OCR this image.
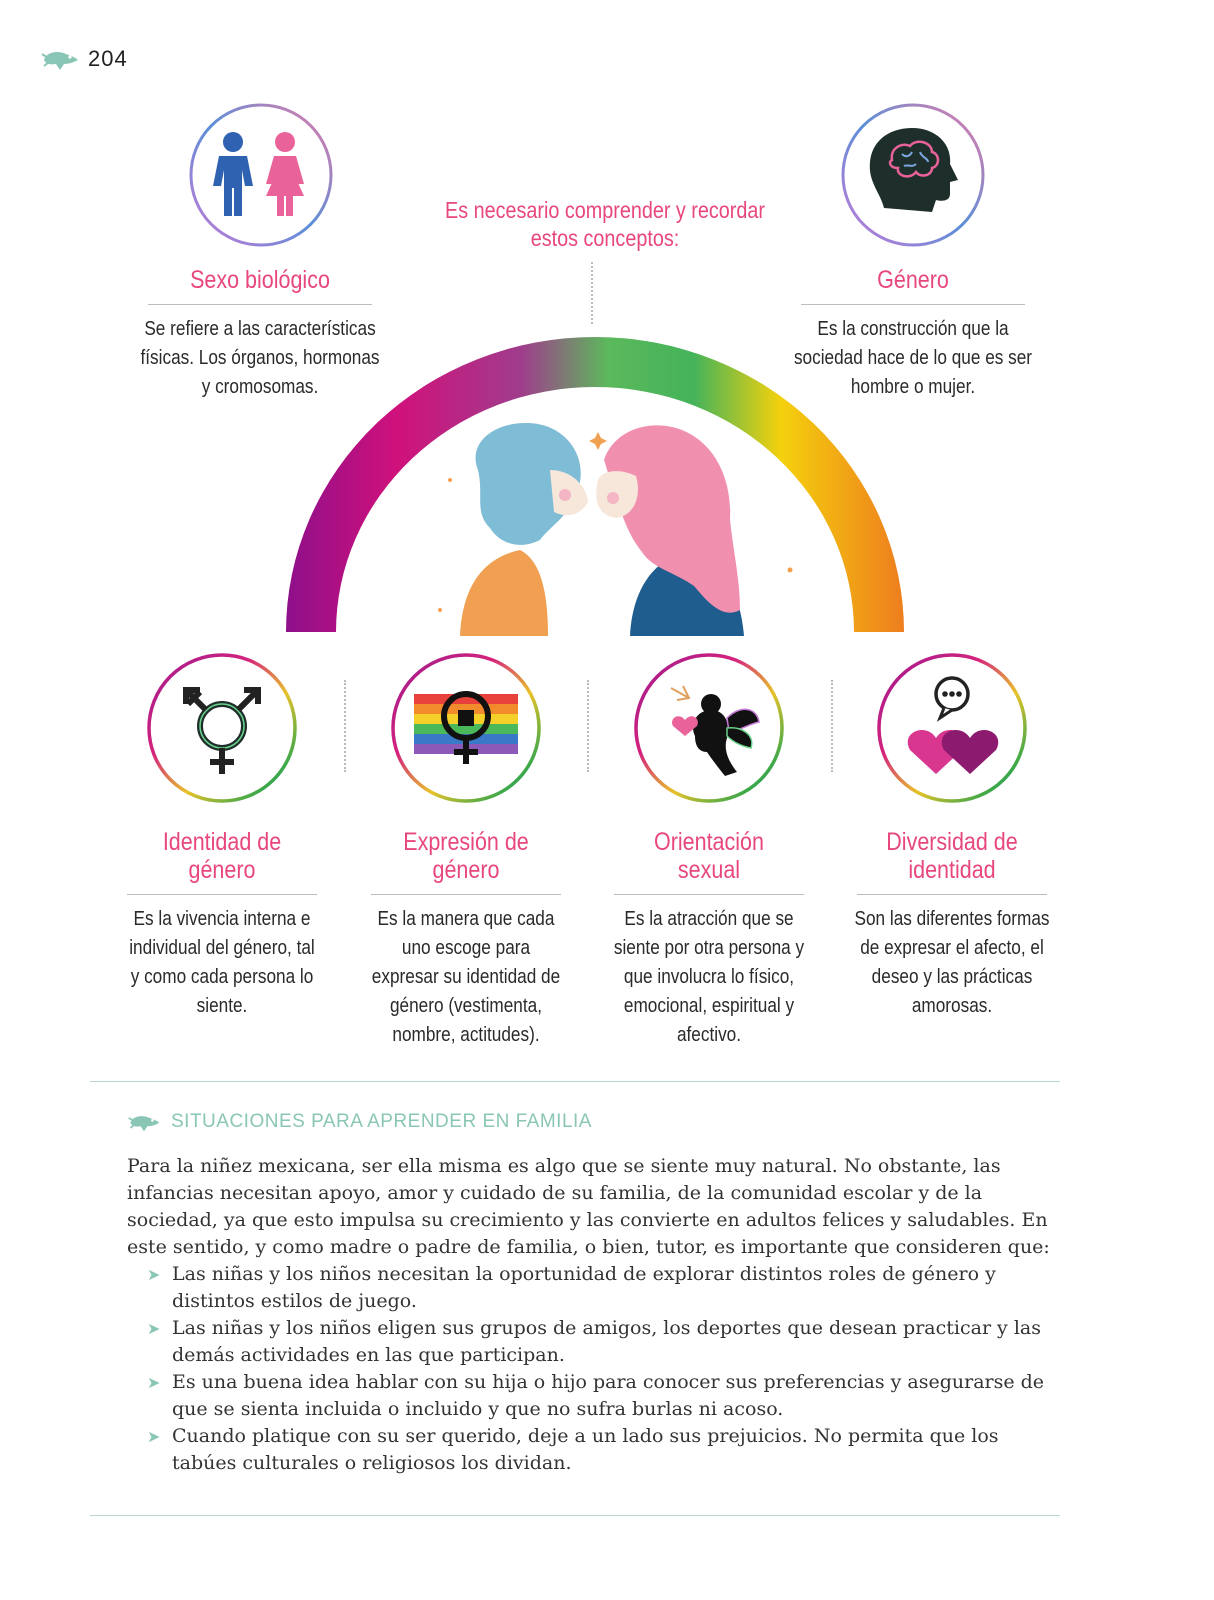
204
Es necesario comprender y recordar estos conceptos:
Sexo biológico
Se refiere a las características físicas. Los órganos, hormonas y cromosomas.
Género
Es la construcción que la sociedad hace de lo que es ser hombre o mujer.
Identidad de género
Es la vivencia interna e individual del género, tal y como cada persona lo siente.
Expresión de género
Es la manera que cada uno escoge para expresar su identidad de género (vestimenta, nombre, actitudes).
Orientación sexual
Es la atracción que se siente por otra persona y que involucra lo físico, emocional, espiritual y afectivo.
Diversidad de identidad
Son las diferentes formas de expresar el afecto, el deseo y las prácticas amorosas.
SITUACIONES PARA APRENDER EN FAMILIA

Para la niñez mexicana, ser ella misma es algo que se siente muy natural. No obstante, las infancias necesitan apoyo, amor y cuidado de su familia, de la comunidad escolar y de la sociedad, ya que esto impulsa su crecimiento y las convierte en adultos felices y saludables. En este sentido, y como madre o padre de familia, o bien, tutor, es importante que consideren que:

➤ Las niñas y los niños necesitan la oportunidad de explorar distintos roles de género y distintos estilos de juego.
➤ Las niñas y los niños eligen sus grupos de amigos, los deportes que desean practicar y las demás actividades en las que participan.
➤ Es una buena idea hablar con su hija o hijo para conocer sus preferencias y asegurarse de que se sienta incluida o incluido y que no sufra burlas ni acoso.
➤ Cuando platique con su ser querido, deje a un lado sus prejuicios. No permita que los tabúes culturales o religiosos los dividan.
